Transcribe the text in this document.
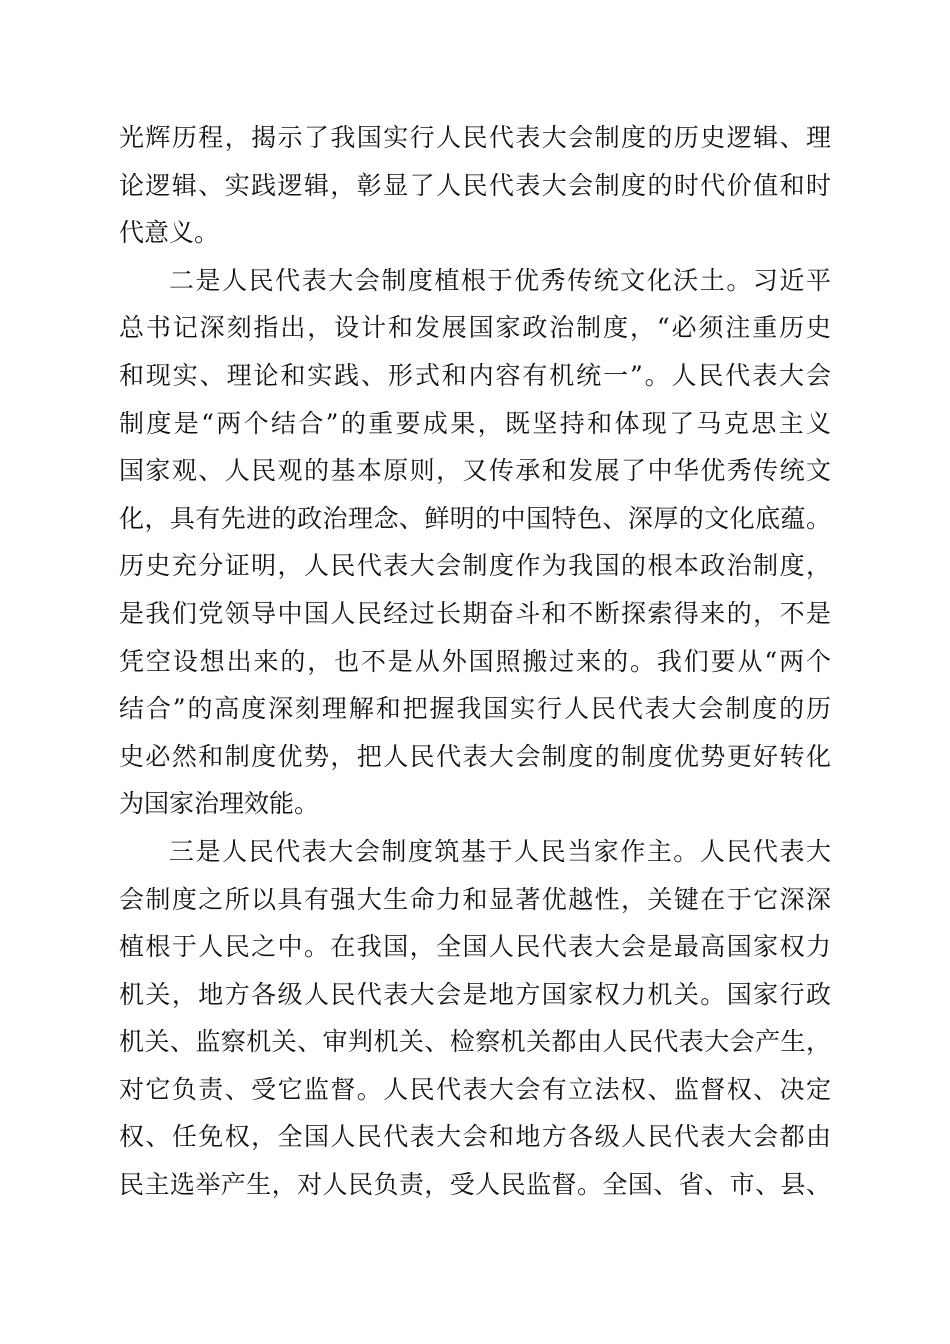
光辉历程，揭示了我国实行人民代表大会制度的历史逻辑、理
论逻辑、实践逻辑，彰显了人民代表大会制度的时代价值和时
代意义。
二是人民代表大会制度植根于优秀传统文化沃土。习近平
总书记深刻指出，设计和发展国家政治制度，“必须注重历史
和现实、理论和实践、形式和内容有机统一”。人民代表大会
制度是“两个结合”的重要成果，既坚持和体现了马克思主义
国家观、人民观的基本原则，又传承和发展了中华优秀传统文
化，具有先进的政治理念、鲜明的中国特色、深厚的文化底蕴。
历史充分证明，人民代表大会制度作为我国的根本政治制度，
是我们党领导中国人民经过长期奋斗和不断探索得来的，不是
凭空设想出来的，也不是从外国照搬过来的。我们要从“两个
结合”的高度深刻理解和把握我国实行人民代表大会制度的历
史必然和制度优势，把人民代表大会制度的制度优势更好转化
为国家治理效能。
三是人民代表大会制度筑基于人民当家作主。人民代表大
会制度之所以具有强大生命力和显著优越性，关键在于它深深
植根于人民之中。在我国，全国人民代表大会是最高国家权力
机关，地方各级人民代表大会是地方国家权力机关。国家行政
机关、监察机关、审判机关、检察机关都由人民代表大会产生，
对它负责、受它监督。人民代表大会有立法权、监督权、决定
权、任免权，全国人民代表大会和地方各级人民代表大会都由
民主选举产生，对人民负责，受人民监督。全国、省、市、县、
